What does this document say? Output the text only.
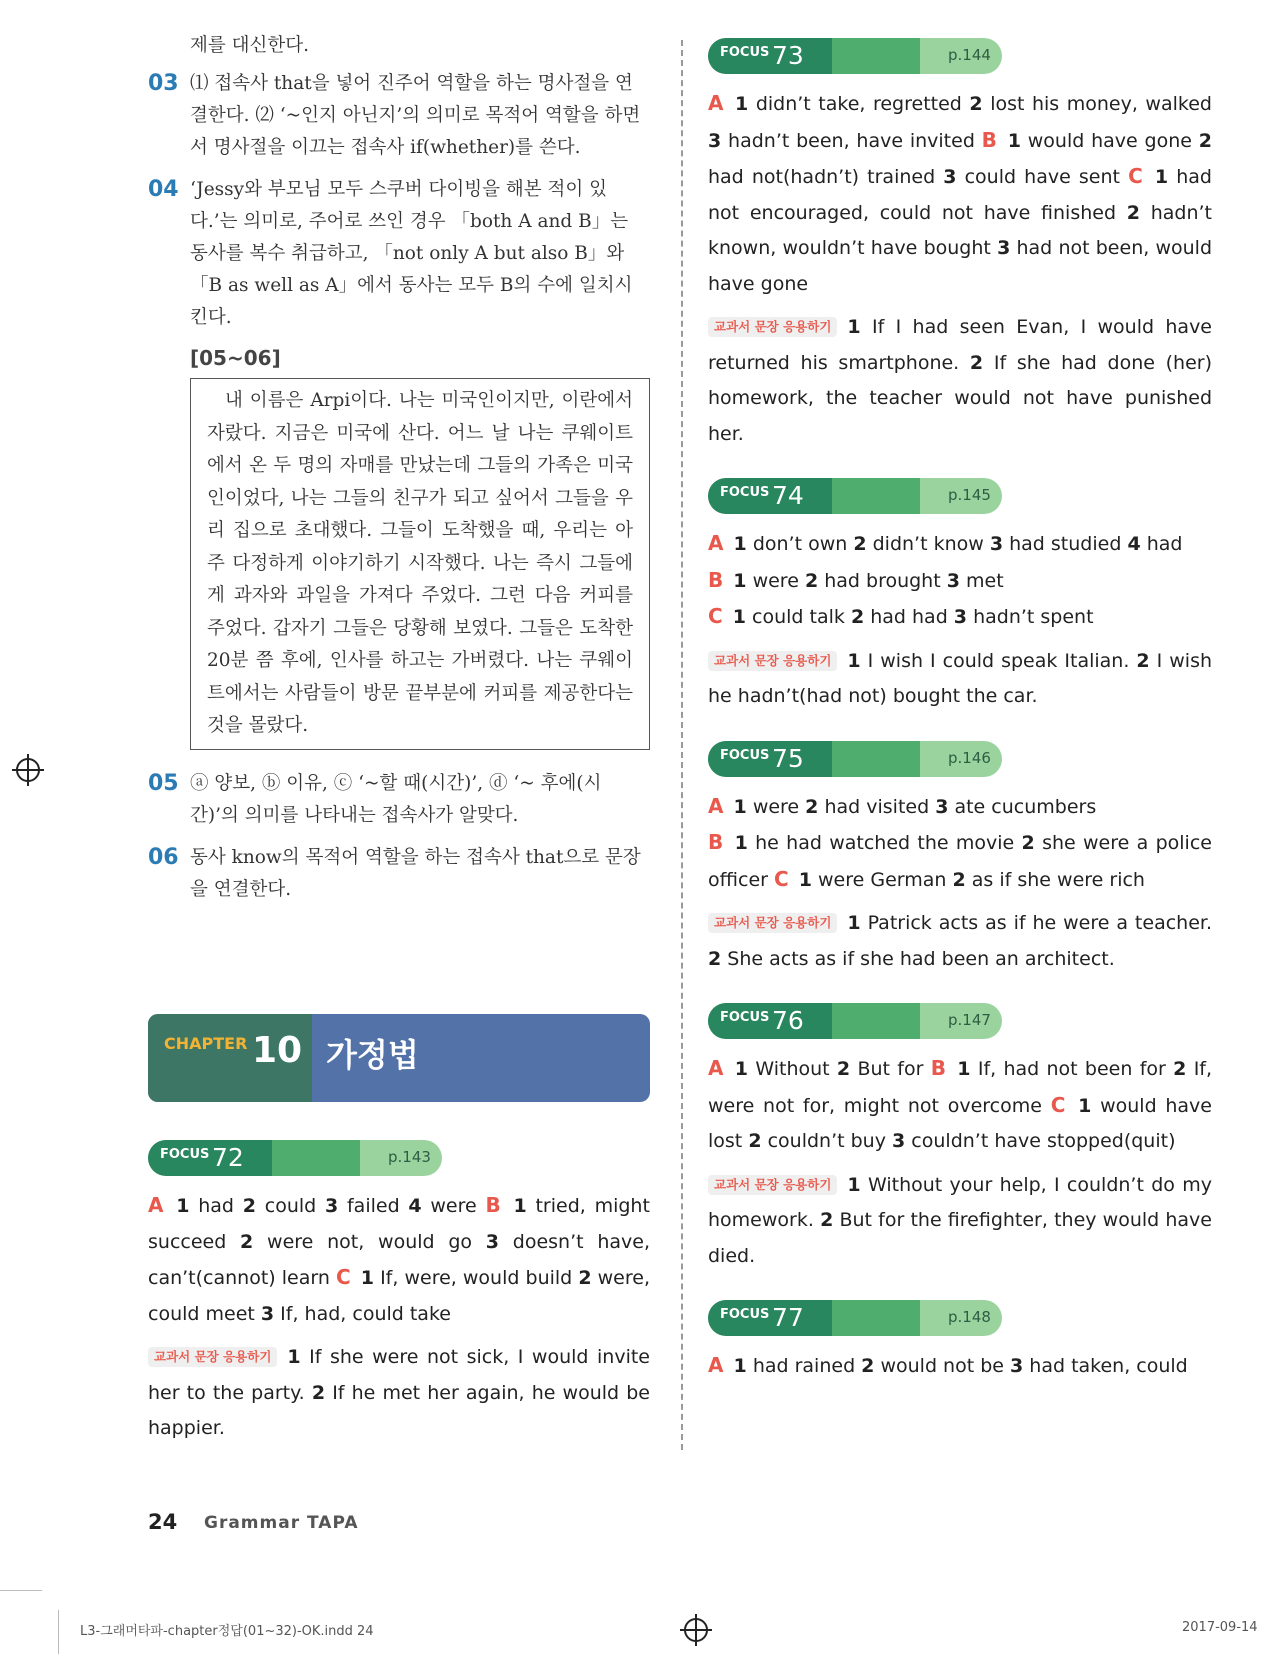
제를 대신한다.
03 ⑴ 접속사 that을 넣어 진주어 역할을 하는 명사절을 연결한다. ⑵ ‘~인지 아닌지’의 의미로 목적어 역할을 하면서 명사절을 이끄는 접속사 if(whether)를 쓴다.
04 ‘Jessy와 부모님 모두 스쿠버 다이빙을 해본 적이 있다.’는 의미로, 주어로 쓰인 경우 「both A and B」는 동사를 복수 취급하고, 「not only A but also B」와 「B as well as A」에서 동사는 모두 B의 수에 일치시킨다.
[05~06]
내 이름은 Arpi이다. 나는 미국인이지만, 이란에서 자랐다. 지금은 미국에 산다. 어느 날 나는 쿠웨이트에서 온 두 명의 자매를 만났는데 그들의 가족은 미국인이었다, 나는 그들의 친구가 되고 싶어서 그들을 우리 집으로 초대했다. 그들이 도착했을 때, 우리는 아주 다정하게 이야기하기 시작했다. 나는 즉시 그들에게 과자와 과일을 가져다 주었다. 그런 다음 커피를 주었다. 갑자기 그들은 당황해 보였다. 그들은 도착한 20분 쯤 후에, 인사를 하고는 가버렸다. 나는 쿠웨이트에서는 사람들이 방문 끝부분에 커피를 제공한다는 것을 몰랐다.
05 ⓐ 양보, ⓑ 이유, ⓒ ‘~할 때(시간)’, ⓓ ‘~ 후에(시간)’의 의미를 나타내는 접속사가 알맞다.
06 동사 know의 목적어 역할을 하는 접속사 that으로 문장을 연결한다.
CHAPTER 10 가정법
FOCUS 72	p.143
A 1 had 2 could 3 failed 4 were B 1 tried, might succeed 2 were not, would go 3 doesn’t have, can’t(cannot) learn C 1 If, were, would build 2 were, could meet 3 If, had, could take
교과서 문장 응용하기 1 If she were not sick, I would invite her to the party. 2 If he met her again, he would be happier.
FOCUS 73	p.144
A 1 didn’t take, regretted 2 lost his money, walked 3 hadn’t been, have invited B 1 would have gone 2 had not(hadn’t) trained 3 could have sent C 1 had not encouraged, could not have finished 2 hadn’t known, wouldn’t have bought 3 had not been, would have gone
교과서 문장 응용하기 1 If I had seen Evan, I would have returned his smartphone. 2 If she had done (her) homework, the teacher would not have punished her.
FOCUS 74	p.145
A 1 don’t own 2 didn’t know 3 had studied 4 had
B 1 were 2 had brought 3 met
C 1 could talk 2 had had 3 hadn’t spent
교과서 문장 응용하기 1 I wish I could speak Italian. 2 I wish he hadn’t(had not) bought the car.
FOCUS 75	p.146
A 1 were 2 had visited 3 ate cucumbers
B 1 he had watched the movie 2 she were a police officer C 1 were German 2 as if she were rich
교과서 문장 응용하기 1 Patrick acts as if he were a teacher. 2 She acts as if she had been an architect.
FOCUS 76	p.147
A 1 Without 2 But for B 1 If, had not been for 2 If, were not for, might not overcome C 1 would have lost 2 couldn’t buy 3 couldn’t have stopped(quit)
교과서 문장 응용하기 1 Without your help, I couldn’t do my homework. 2 But for the firefighter, they would have died.
FOCUS 77	p.148
A 1 had rained 2 would not be 3 had taken, could
24 Grammar TAPA
L3-그래머타파-chapter정답(01~32)-OK.indd 24	2017-09-14
